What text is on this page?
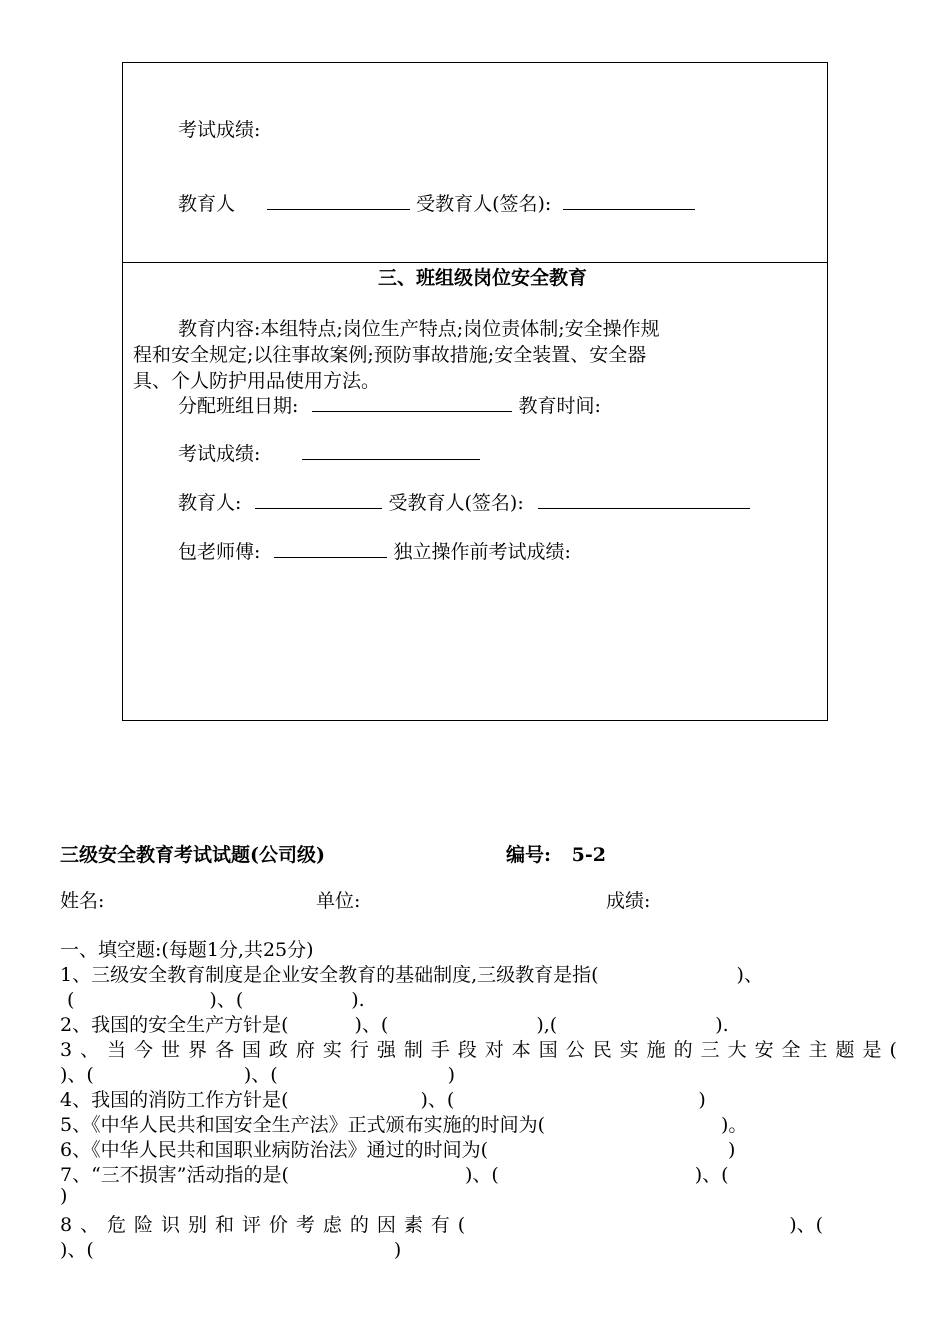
考试成绩:
教育人	受教育人(签名):
三、班组级岗位安全教育
教育内容:本组特点;岗位生产特点;岗位责体制;安全操作规
程和安全规定;以往事故案例;预防事故措施;安全装置、安全器
具、个人防护用品使用方法。
分配班组日期:	教育时间:
考试成绩:
教育人:	受教育人(签名):
包老师傅:	独立操作前考试成绩:
三级安全教育考试试题(公司级)	编号: 5-2
姓名:	单位:	成绩:
一、填空题:(每题1分,共25分)
1、三级安全教育制度是企业安全教育的基础制度,三级教育是指(	)、
(	)、(	).
2、我国的安全生产方针是(	)、(	),(	).
3、当今世界各国政府实行强制手段对本国公民实施的三大安全主题是(
)、(	)、(	)
4、我国的消防工作方针是(	)、(	)
5、《中华人民共和国安全生产法》正式颁布实施的时间为(	)。
6、《中华人民共和国职业病防治法》通过的时间为(	)
7、“三不损害”活动指的是(	)、(	)、(
)
8、危险识别和评价考虑的因素有(	)、(
)、(	)
